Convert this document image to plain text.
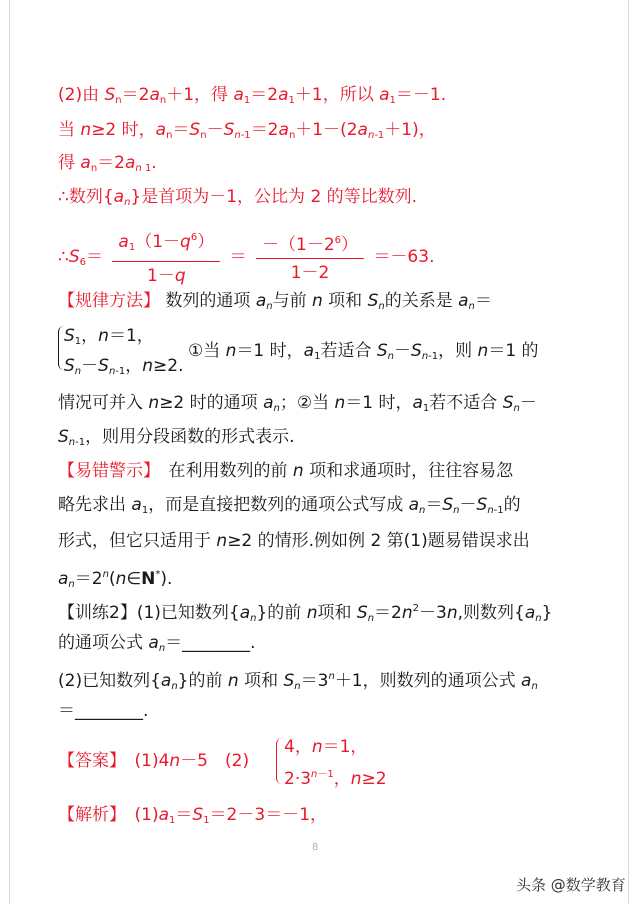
(2)由 $S_n=2a_n+1$，得 $a_1=2a_1+1$，所以 $a_1=-1$.
当 n≥2 时，$a_n=S_n-S_{n-1}=2a_n+1-(2a_{n-1}+1)$，
得 $a_n=2a_{n 1}$.
∴数列$\{a_n\}$是首项为－1，公比为 2 的等比数列.
$\therefore S_6= \frac{a_1(1-q^6)}{1-q} = \frac{-(1-2^6)}{1-2} =-63$.
【规律方法】 数列的通项 $a_n$与前 n 项和 $S_n$的关系是 $a_n=$
$S_1$，n＝1，
$S_n-S_{n-1}$，n≥2.
①当 n＝1 时，$a_1$若适合 $S_n-S_{n-1}$，则 n＝1 的
情况可并入 n≥2 时的通项 $a_n$；②当 n＝1 时，$a_1$若不适合 $S_n-$
$S_{n-1}$，则用分段函数的形式表示.
【易错警示】　在利用数列的前 n 项和求通项时，往往容易忽
略先求出 $a_1$，而是直接把数列的通项公式写成 $a_n=S_n-S_{n-1}$的
形式，但它只适用于 n≥2 的情形.例如例 2 第(1)题易错误求出
$a_n=2^n(n\in N^*)$.
【训练2】(1)已知数列$\{a_n\}$的前 n项和 $S_n=2n^2-3n$,则数列$\{a_n\}$
的通项公式 $a_n=\_\_\_\_\_\_\_\_$.
(2)已知数列$\{a_n\}$的前 n 项和 $S_n=3^n+1$，则数列的通项公式 $a_n$
＝________.
【答案】　(1)4n－5　(2)
4，n＝1，
$2\cdot 3^{n-1}$，n≥2
【解析】　$(1)a_1=S_1=2-3=-1$，
8
头条 @数学教育
